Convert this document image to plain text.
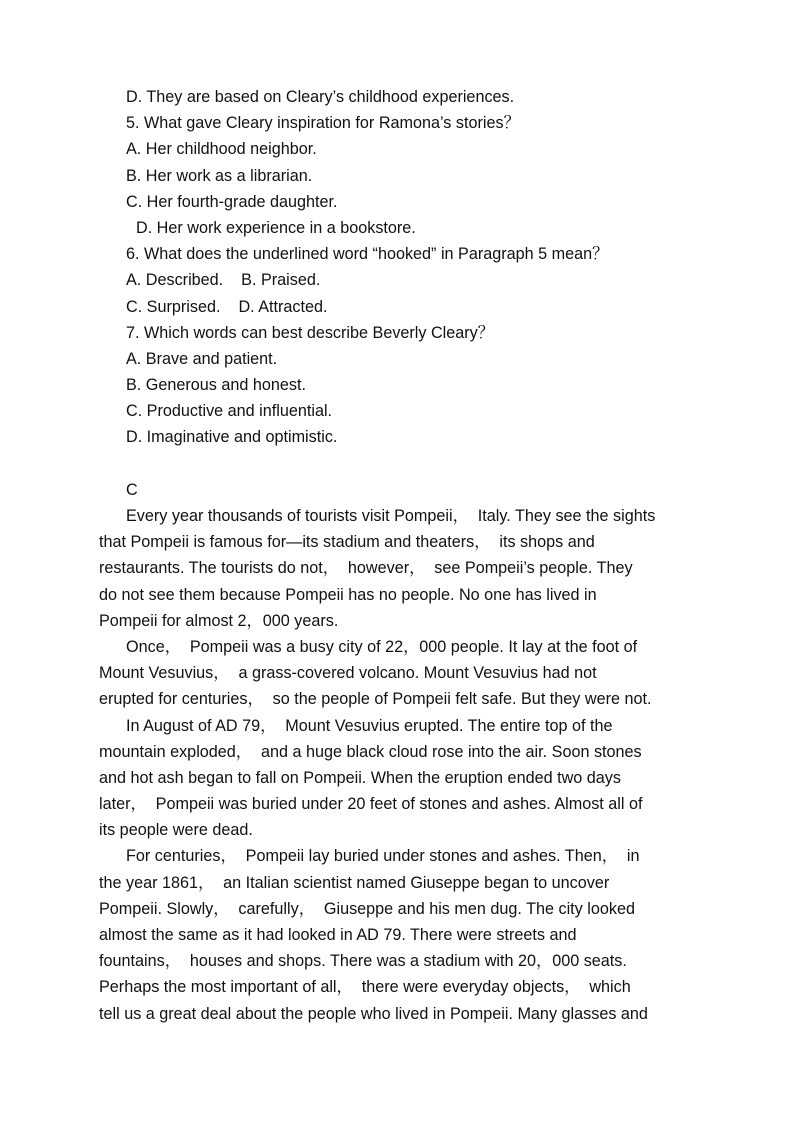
D. They are based on Cleary’s childhood experiences.
5. What gave Cleary inspiration for Ramona’s stories？
A. Her childhood neighbor.
B. Her work as a librarian.
C. Her fourth-grade daughter.
D. Her work experience in a bookstore.
6. What does the underlined word “hooked” in Paragraph 5 mean？
A. Described.    B. Praised.
C. Surprised.    D. Attracted.
7. Which words can best describe Beverly Cleary？
A. Brave and patient.
B. Generous and honest.
C. Productive and influential.
D. Imaginative and optimistic.
C
Every year thousands of tourists visit Pompeii，  Italy. They see the sights
that Pompeii is famous for—its stadium and theaters，  its shops and
restaurants. The tourists do not，  however，  see Pompeii’s people. They
do not see them because Pompeii has no people. No one has lived in
Pompeii for almost 2，000 years.
Once，  Pompeii was a busy city of 22，000 people. It lay at the foot of
Mount Vesuvius，  a grass-covered volcano. Mount Vesuvius had not
erupted for centuries，  so the people of Pompeii felt safe. But they were not.
In August of AD 79，  Mount Vesuvius erupted. The entire top of the
mountain exploded，  and a huge black cloud rose into the air. Soon stones
and hot ash began to fall on Pompeii. When the eruption ended two days
later，  Pompeii was buried under 20 feet of stones and ashes. Almost all of
its people were dead.
For centuries，  Pompeii lay buried under stones and ashes. Then，  in
the year 1861，  an Italian scientist named Giuseppe began to uncover
Pompeii. Slowly，  carefully，  Giuseppe and his men dug. The city looked
almost the same as it had looked in AD 79. There were streets and
fountains，  houses and shops. There was a stadium with 20，000 seats.
Perhaps the most important of all，  there were everyday objects，  which
tell us a great deal about the people who lived in Pompeii. Many glasses and
